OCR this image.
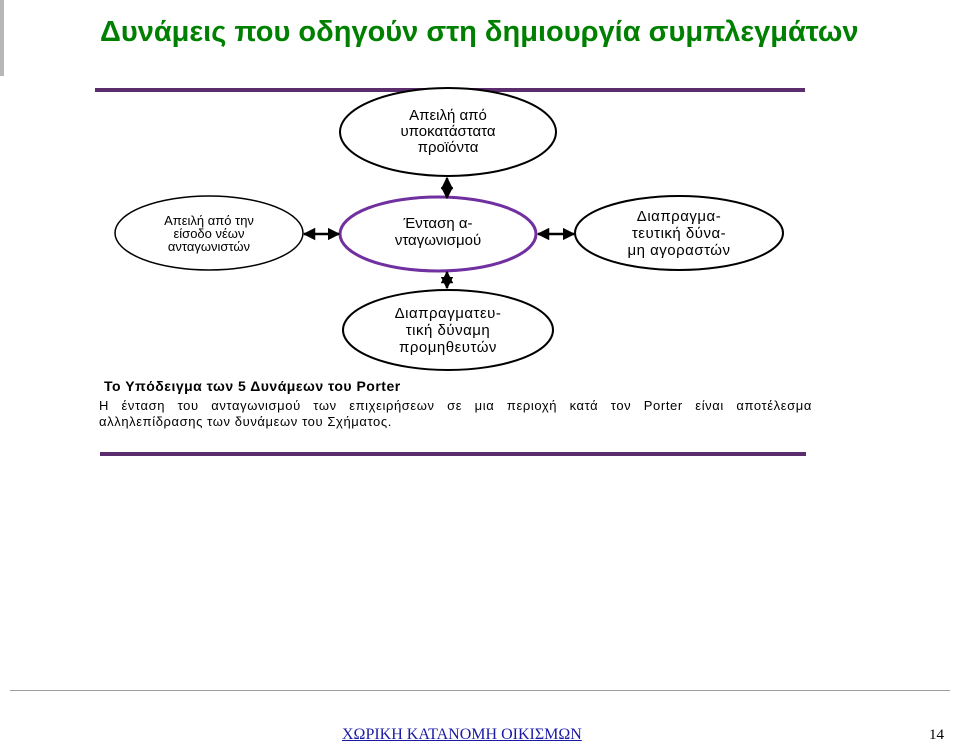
Δυνάμεις που οδηγούν στη δημιουργία συμπλεγμάτων
Απειλή από
υποκατάστατα
προϊόντα
Απειλή από την
είσοδο νέων
ανταγωνιστών
Ένταση α-
νταγωνισμού
Διαπραγμα-
τευτική δύνα-
μη αγοραστών
Διαπραγματευ-
τική δύναμη
προμηθευτών

Το Υπόδειγμα των 5 Δυνάμεων του Porter

Η ένταση του ανταγωνισμού των επιχειρήσεων σε μια περιοχή κατά τον Porter είναι αποτέλεσμα αλληλεπίδρασης των δυνάμεων του Σχήματος.

ΧΩΡΙΚΗ ΚΑΤΑΝΟΜΗ ΟΙΚΙΣΜΩΝ	14
